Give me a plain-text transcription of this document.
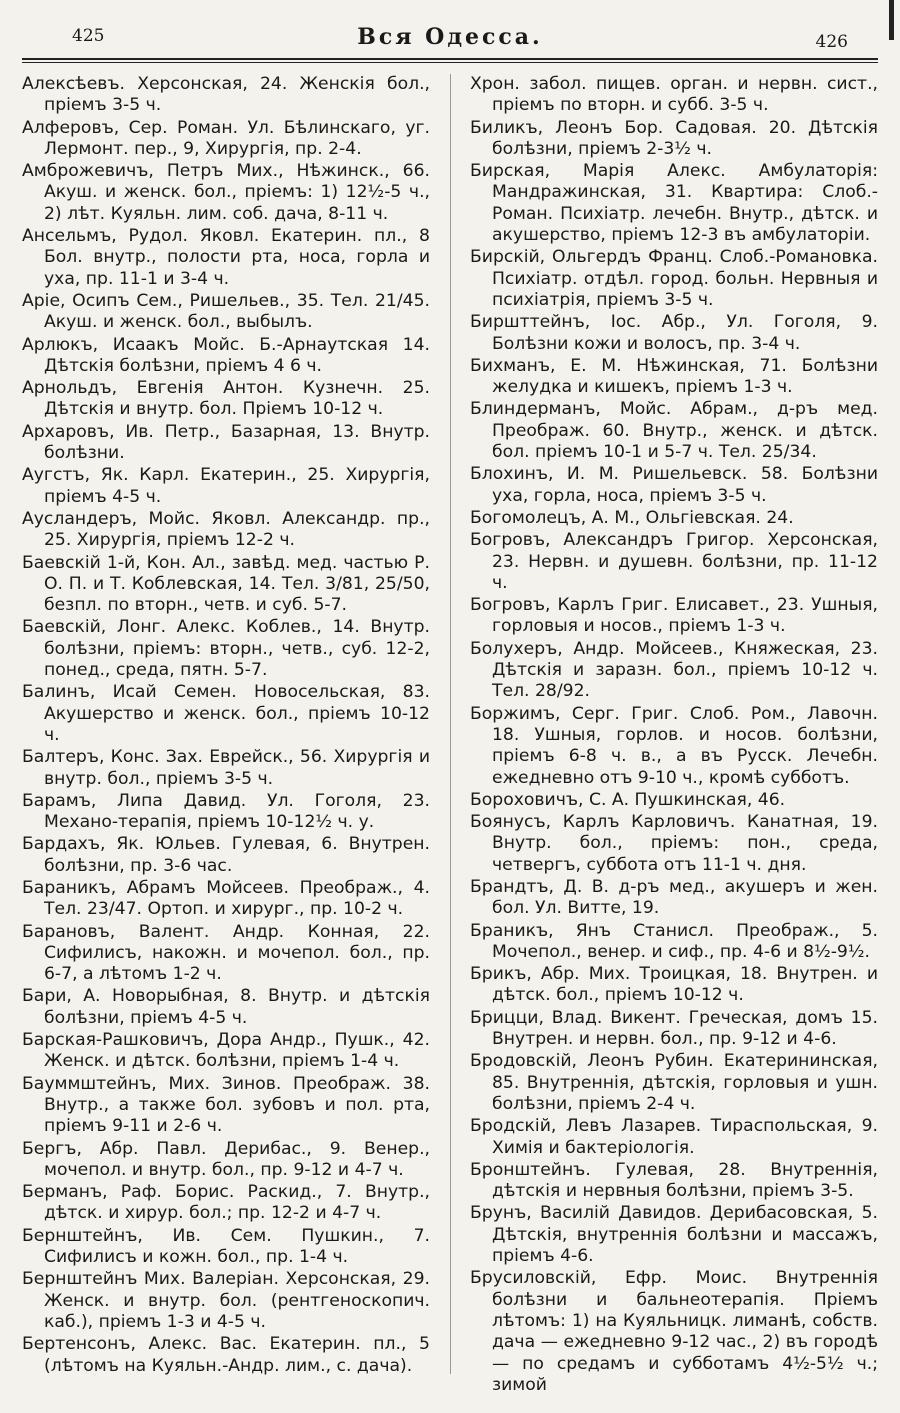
425	Вся Одесса.	426
Алексѣевъ. Херсонская, 24. Женскія бол., пріемъ 3-5 ч.
Алферовъ, Сер. Роман. Ул. Бѣлинскаго, уг. Лермонт. пер., 9, Хирургія, пр. 2-4.
Амброжевичъ, Петръ Мих., Нѣжинск., 66. Акуш. и женск. бол., пріемъ: 1) 12½-5 ч., 2) лѣт. Куяльн. лим. соб. дача, 8-11 ч.
Ансельмъ, Рудол. Яковл. Екатерин. пл., 8 Бол. внутр., полости рта, носа, горла и уха, пр. 11-1 и 3-4 ч.
Аріе, Осипъ Сем., Ришельев., 35. Тел. 21/45. Акуш. и женск. бол., выбылъ.
Арлюкъ, Исаакъ Мойс. Б.-Арнаутская 14. Дѣтскія болѣзни, пріемъ 4 6 ч.
Арнольдъ, Евгенія Антон. Кузнечн. 25. Дѣтскія и внутр. бол. Пріемъ 10-12 ч.
Архаровъ, Ив. Петр., Базарная, 13. Внутр. болѣзни.
Аугстъ, Як. Карл. Екатерин., 25. Хирургія, пріемъ 4-5 ч.
Аусландеръ, Мойс. Яковл. Александр. пр., 25. Хирургія, пріемъ 12-2 ч.
Баевскій 1-й, Кон. Ал., завѣд. мед. частью Р. О. П. и Т. Коблевская, 14. Тел. 3/81, 25/50, безпл. по вторн., четв. и суб. 5-7.
Баевскій, Лонг. Алекс. Коблев., 14. Внутр. болѣзни, пріемъ: вторн., четв., суб. 12-2, понед., среда, пятн. 5-7.
Балинъ, Исай Семен. Новосельская, 83. Акушерство и женск. бол., пріемъ 10-12 ч.
Балтеръ, Конс. Зах. Еврейск., 56. Хирургія и внутр. бол., пріемъ 3-5 ч.
Барамъ, Липа Давид. Ул. Гоголя, 23. Механо-терапія, пріемъ 10-12½ ч. у.
Бардахъ, Як. Юльев. Гулевая, 6. Внутрен. болѣзни, пр. 3-6 час.
Бараникъ, Абрамъ Мойсеев. Преображ., 4. Тел. 23/47. Ортоп. и хирург., пр. 10-2 ч.
Барановъ, Валент. Андр. Конная, 22. Сифилисъ, накожн. и мочепол. бол., пр. 6-7, а лѣтомъ 1-2 ч.
Бари, А. Новорыбная, 8. Внутр. и дѣтскія болѣзни, пріемъ 4-5 ч.
Барская-Рашковичъ, Дора Андр., Пушк., 42. Женск. и дѣтск. болѣзни, пріемъ 1-4 ч.
Бауммштейнъ, Мих. Зинов. Преображ. 38. Внутр., а также бол. зубовъ и пол. рта, пріемъ 9-11 и 2-6 ч.
Бергъ, Абр. Павл. Дерибас., 9. Венер., мочепол. и внутр. бол., пр. 9-12 и 4-7 ч.
Берманъ, Раф. Борис. Раскид., 7. Внутр., дѣтск. и хирур. бол.; пр. 12-2 и 4-7 ч.
Бернштейнъ, Ив. Сем. Пушкин., 7. Сифилисъ и кожн. бол., пр. 1-4 ч.
Бернштейнъ Мих. Валеріан. Херсонская, 29. Женск. и внутр. бол. (рентгеноскопич. каб.), пріемъ 1-3 и 4-5 ч.
Бертенсонъ, Алекс. Вас. Екатерин. пл., 5 (лѣтомъ на Куяльн.-Андр. лим., с. дача).
Хрон. забол. пищев. орган. и нервн. сист., пріемъ по вторн. и субб. 3-5 ч.
Биликъ, Леонъ Бор. Садовая. 20. Дѣтскія болѣзни, пріемъ 2-3½ ч.
Бирская, Марія Алекс. Амбулаторія: Мандражинская, 31. Квартира: Слоб.-Роман. Психіатр. лечебн. Внутр., дѣтск. и акушерство, пріемъ 12-3 въ амбулаторіи.
Бирскій, Ольгердъ Франц. Слоб.-Романовка. Психіатр. отдѣл. город. больн. Нервныя и психіатрія, пріемъ 3-5 ч.
Биршттейнъ, Іос. Абр., Ул. Гоголя, 9. Болѣзни кожи и волосъ, пр. 3-4 ч.
Бихманъ, Е. М. Нѣжинская, 71. Болѣзни желудка и кишекъ, пріемъ 1-3 ч.
Блиндерманъ, Мойс. Абрам., д-ръ мед. Преображ. 60. Внутр., женск. и дѣтск. бол. пріемъ 10-1 и 5-7 ч. Тел. 25/34.
Блохинъ, И. М. Ришельевск. 58. Болѣзни уха, горла, носа, пріемъ 3-5 ч.
Богомолецъ, А. М., Ольгіевская. 24.
Богровъ, Александръ Григор. Херсонская, 23. Нервн. и душевн. болѣзни, пр. 11-12 ч.
Богровъ, Карлъ Григ. Елисавет., 23. Ушныя, горловыя и носов., пріемъ 1-3 ч.
Болухеръ, Андр. Мойсеев., Княжеская, 23. Дѣтскія и заразн. бол., пріемъ 10-12 ч. Тел. 28/92.
Боржимъ, Серг. Григ. Слоб. Ром., Лавочн. 18. Ушныя, горлов. и носов. болѣзни, пріемъ 6-8 ч. в., а въ Русск. Лечебн. ежедневно отъ 9-10 ч., кромѣ субботъ.
Бороховичъ, С. А. Пушкинская, 46.
Боянусъ, Карлъ Карловичъ. Канатная, 19. Внутр. бол., пріемъ: пон., среда, четвергъ, суббота отъ 11-1 ч. дня.
Брандтъ, Д. В. д-ръ мед., акушеръ и жен. бол. Ул. Витте, 19.
Браникъ, Янъ Станисл. Преображ., 5. Мочепол., венер. и сиф., пр. 4-6 и 8½-9½.
Брикъ, Абр. Мих. Троицкая, 18. Внутрен. и дѣтск. бол., пріемъ 10-12 ч.
Брицци, Влад. Викент. Греческая, домъ 15. Внутрен. и нервн. бол., пр. 9-12 и 4-6.
Бродовскій, Леонъ Рубин. Екатерининская, 85. Внутреннія, дѣтскія, горловыя и ушн. болѣзни, пріемъ 2-4 ч.
Бродскій, Левъ Лазарев. Тираспольская, 9. Химія и бактеріологія.
Бронштейнъ. Гулевая, 28. Внутреннія, дѣтскія и нервныя болѣзни, пріемъ 3-5.
Брунъ, Василій Давидов. Дерибасовская, 5. Дѣтскія, внутреннія болѣзни и массажъ, пріемъ 4-6.
Брусиловскій, Ефр. Моис. Внутреннія болѣзни и бальнеотерапія. Пріемъ лѣтомъ: 1) на Куяльницк. лиманѣ, собств. дача — ежедневно 9-12 час., 2) въ городѣ — по средамъ и субботамъ 4½-5½ ч.; зимой
